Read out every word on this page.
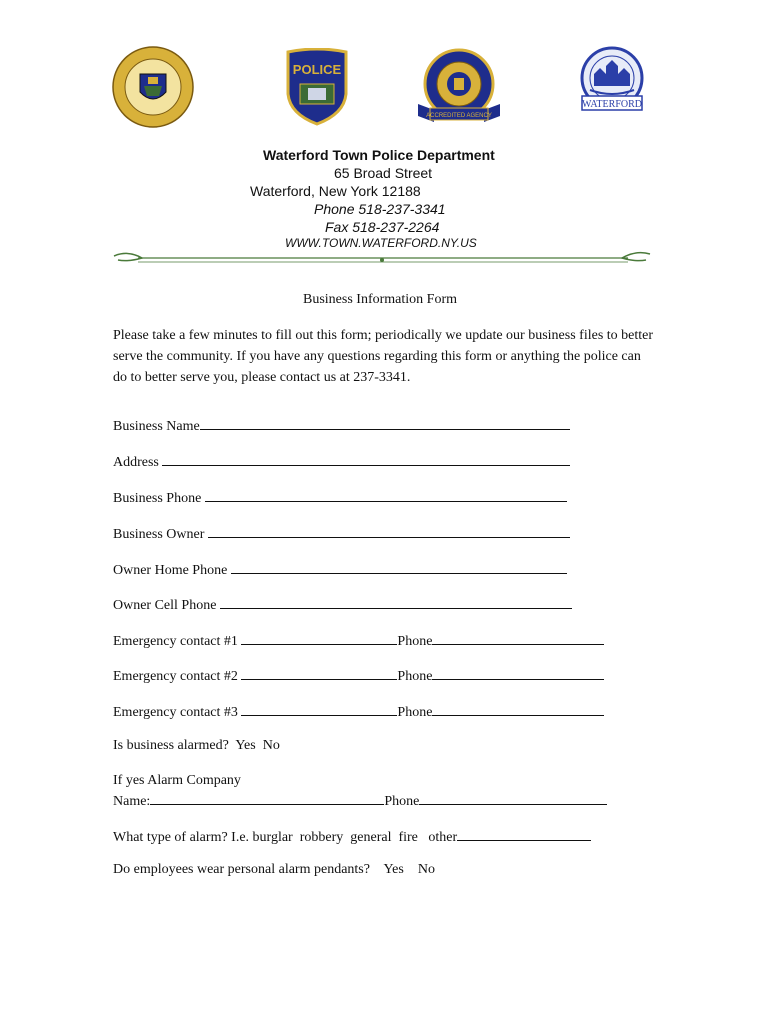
POLICE
ACCREDITED AGENCY
WATERFORD
Waterford Town Police Department
65 Broad Street
Waterford, New York 12188
Phone 518-237-3341
Fax 518-237-2264
WWW.TOWN.WATERFORD.NY.US
Business Information Form
Please take a few minutes to fill out this form; periodically we update our business files to better serve the community. If you have any questions regarding this form or anything the police can do to better serve you, please contact us at 237-3341.
Business Name
Address
Business Phone
Business Owner
Owner Home Phone
Owner Cell Phone
Emergency contact #1	Phone
Emergency contact #2	Phone
Emergency contact #3	Phone
Is business alarmed? Yes No
If yes Alarm Company
Name:	Phone
What type of alarm? I.e. burglar robbery general fire other
Do employees wear personal alarm pendants? Yes No
